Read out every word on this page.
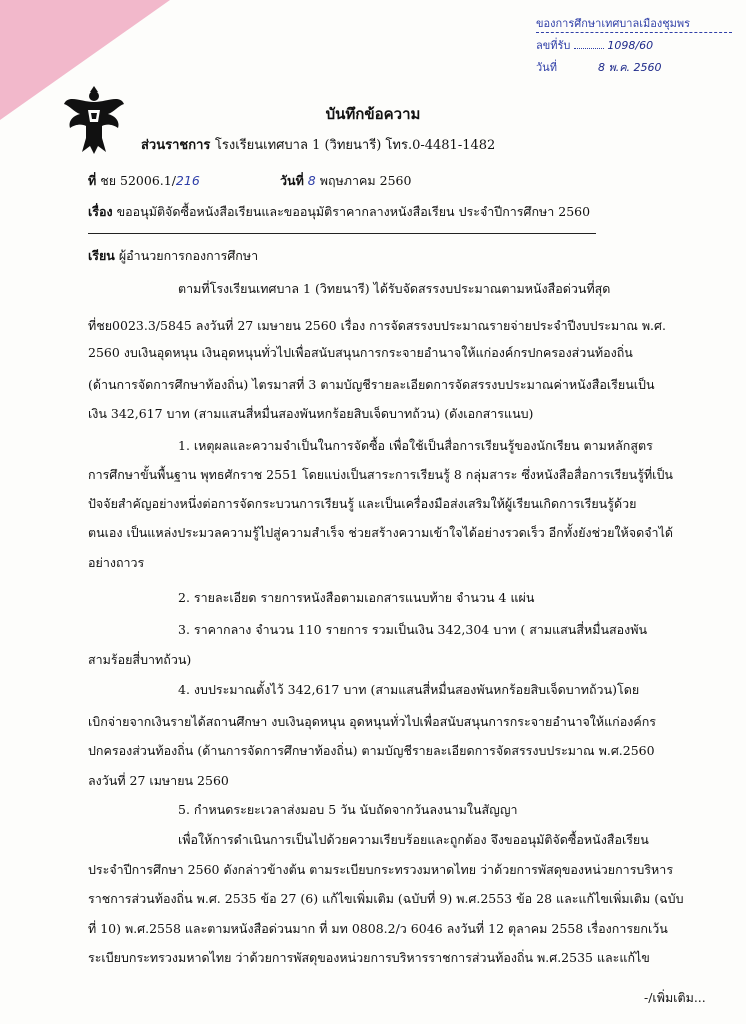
ของการศึกษาเทศบาลเมืองชุมพร
ลขที่รับ	1098/60
วันที่	8 พ.ค. 2560
บันทึกข้อความ
ส่วนราชการ โรงเรียนเทศบาล 1 (วิทยนารี) โทร.0-4481-1482
ที่ ชย 52006.1/216	วันที่ 8 พฤษภาคม 2560
เรื่อง ขออนุมัติจัดซื้อหนังสือเรียนและขออนุมัติราคากลางหนังสือเรียน ประจำปีการศึกษา 2560
เรียน ผู้อำนวยการกองการศึกษา
ตามที่โรงเรียนเทศบาล 1 (วิทยนารี) ได้รับจัดสรรงบประมาณตามหนังสือด่วนที่สุด
ที่ชย0023.3/5845 ลงวันที่ 27 เมษายน 2560 เรื่อง การจัดสรรงบประมาณรายจ่ายประจำปีงบประมาณ พ.ศ.
2560 งบเงินอุดหนุน เงินอุดหนุนทั่วไปเพื่อสนับสนุนการกระจายอำนาจให้แก่องค์กรปกครองส่วนท้องถิ่น
(ด้านการจัดการศึกษาท้องถิ่น) ไตรมาสที่ 3 ตามบัญชีรายละเอียดการจัดสรรงบประมาณค่าหนังสือเรียนเป็น
เงิน 342,617 บาท (สามแสนสี่หมื่นสองพันหกร้อยสิบเจ็ดบาทถ้วน) (ดังเอกสารแนบ)
1. เหตุผลและความจำเป็นในการจัดซื้อ เพื่อใช้เป็นสื่อการเรียนรู้ของนักเรียน ตามหลักสูตร
การศึกษาขั้นพื้นฐาน พุทธศักราช 2551 โดยแบ่งเป็นสาระการเรียนรู้ 8 กลุ่มสาระ ซึ่งหนังสือสื่อการเรียนรู้ที่เป็น
ปัจจัยสำคัญอย่างหนึ่งต่อการจัดกระบวนการเรียนรู้ และเป็นเครื่องมือส่งเสริมให้ผู้เรียนเกิดการเรียนรู้ด้วย
ตนเอง เป็นแหล่งประมวลความรู้ไปสู่ความสำเร็จ ช่วยสร้างความเข้าใจได้อย่างรวดเร็ว อีกทั้งยังช่วยให้จดจำได้
อย่างถาวร
2. รายละเอียด รายการหนังสือตามเอกสารแนบท้าย จำนวน 4 แผ่น
3. ราคากลาง จำนวน 110 รายการ รวมเป็นเงิน 342,304 บาท ( สามแสนสี่หมื่นสองพัน
สามร้อยสี่บาทถ้วน)
4. งบประมาณตั้งไว้ 342,617 บาท (สามแสนสี่หมื่นสองพันหกร้อยสิบเจ็ดบาทถ้วน)โดย
เบิกจ่ายจากเงินรายได้สถานศึกษา งบเงินอุดหนุน อุดหนุนทั่วไปเพื่อสนับสนุนการกระจายอำนาจให้แก่องค์กร
ปกครองส่วนท้องถิ่น (ด้านการจัดการศึกษาท้องถิ่น) ตามบัญชีรายละเอียดการจัดสรรงบประมาณ พ.ศ.2560
ลงวันที่ 27 เมษายน 2560
5. กำหนดระยะเวลาส่งมอบ 5 วัน นับถัดจากวันลงนามในสัญญา
เพื่อให้การดำเนินการเป็นไปด้วยความเรียบร้อยและถูกต้อง จึงขออนุมัติจัดซื้อหนังสือเรียน
ประจำปีการศึกษา 2560 ดังกล่าวข้างต้น ตามระเบียบกระทรวงมหาดไทย ว่าด้วยการพัสดุของหน่วยการบริหาร
ราชการส่วนท้องถิ่น พ.ศ. 2535 ข้อ 27 (6) แก้ไขเพิ่มเติม (ฉบับที่ 9) พ.ศ.2553 ข้อ 28 และแก้ไขเพิ่มเติม (ฉบับ
ที่ 10) พ.ศ.2558 และตามหนังสือด่วนมาก ที่ มท 0808.2/ว 6046 ลงวันที่ 12 ตุลาคม 2558 เรื่องการยกเว้น
ระเบียบกระทรวงมหาดไทย ว่าด้วยการพัสดุของหน่วยการบริหารราชการส่วนท้องถิ่น พ.ศ.2535 และแก้ไข
-/เพิ่มเติม...
